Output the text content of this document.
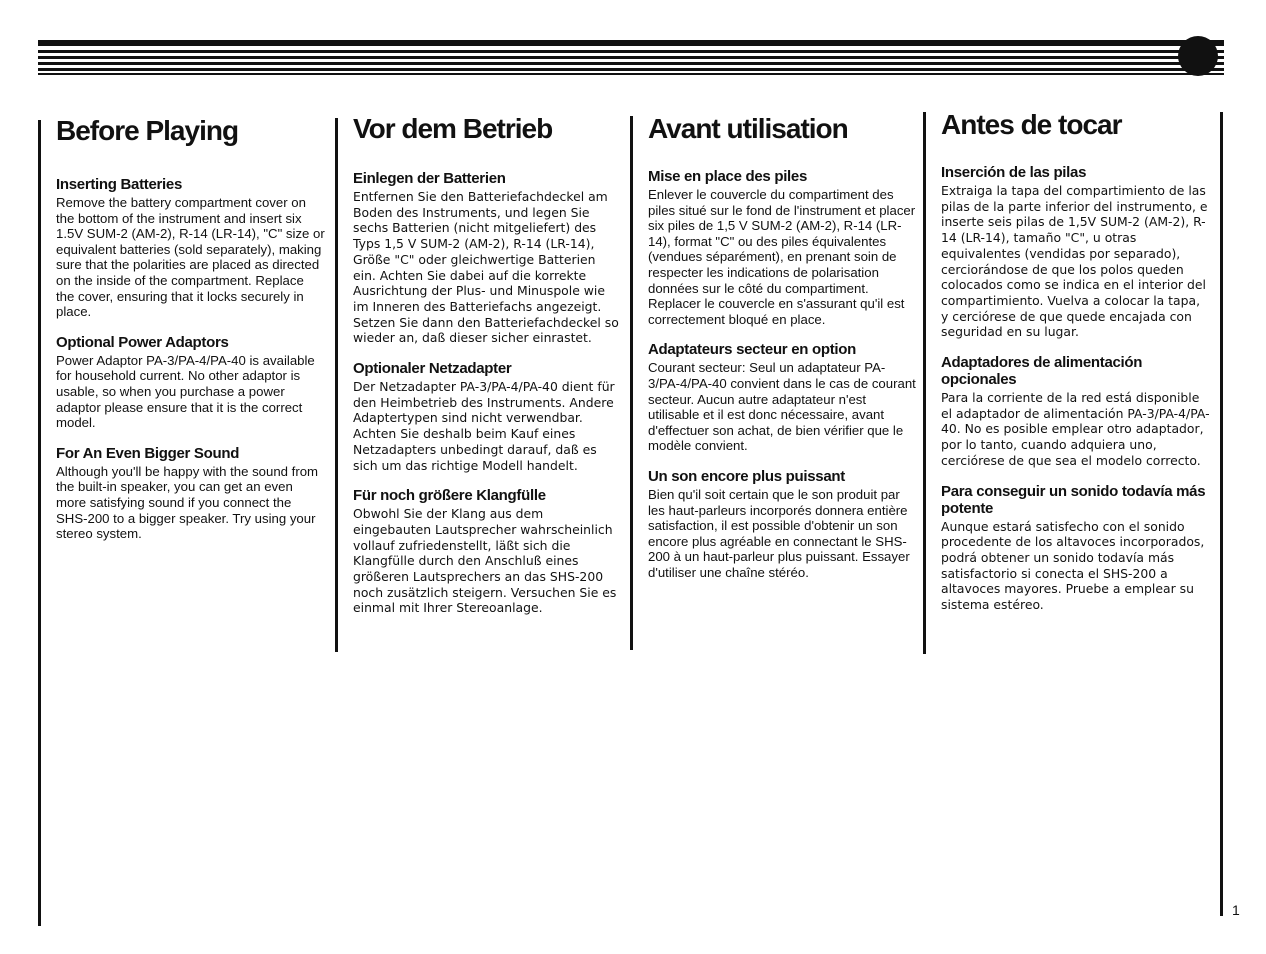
Before Playing
Inserting Batteries

Remove the battery compartment cover on the bottom of the instrument and insert six 1.5V SUM-2 (AM-2), R-14 (LR-14), "C" size or equivalent batteries (sold separately), making sure that the polarities are placed as directed on the inside of the compartment. Replace the cover, ensuring that it locks securely in place.

Optional Power Adaptors

Power Adaptor PA-3/PA-4/PA-40 is available for household current. No other adaptor is usable, so when you purchase a power adaptor please ensure that it is the correct model.

For An Even Bigger Sound

Although you'll be happy with the sound from the built-in speaker, you can get an even more satisfying sound if you connect the SHS-200 to a bigger speaker. Try using your stereo system.

Vor dem Betrieb
Einlegen der Batterien

Entfernen Sie den Batteriefachdeckel am Boden des Instruments, und legen Sie sechs Batterien (nicht mitgeliefert) des Typs 1,5 V SUM-2 (AM-2), R-14 (LR-14), Größe "C" oder gleichwertige Batterien ein. Achten Sie dabei auf die korrekte Ausrichtung der Plus- und Minuspole wie im Inneren des Batteriefachs angezeigt. Setzen Sie dann den Batteriefachdeckel so wieder an, daß dieser sicher einrastet.

Optionaler Netzadapter

Der Netzadapter PA-3/PA-4/PA-40 dient für den Heimbetrieb des Instruments. Andere Adaptertypen sind nicht verwendbar. Achten Sie deshalb beim Kauf eines Netzadapters unbedingt darauf, daß es sich um das richtige Modell handelt.

Für noch größere Klangfülle

Obwohl Sie der Klang aus dem eingebauten Lautsprecher wahrscheinlich vollauf zufriedenstellt, läßt sich die Klangfülle durch den Anschluß eines größeren Lautsprechers an das SHS-200 noch zusätzlich steigern. Versuchen Sie es einmal mit Ihrer Stereoanlage.

Avant utilisation
Mise en place des piles

Enlever le couvercle du compartiment des piles situé sur le fond de l'instrument et placer six piles de 1,5 V SUM-2 (AM-2), R-14 (LR-14), format "C" ou des piles équivalentes (vendues séparément), en prenant soin de respecter les indications de polarisation données sur le côté du compartiment. Replacer le couvercle en s'assurant qu'il est correctement bloqué en place.

Adaptateurs secteur en option

Courant secteur: Seul un adaptateur PA-3/PA-4/PA-40 convient dans le cas de courant secteur. Aucun autre adaptateur n'est utilisable et il est donc nécessaire, avant d'effectuer son achat, de bien vérifier que le modèle convient.

Un son encore plus puissant

Bien qu'il soit certain que le son produit par les haut-parleurs incorporés donnera entière satisfaction, il est possible d'obtenir un son encore plus agréable en connectant le SHS-200 à un haut-parleur plus puissant. Essayer d'utiliser une chaîne stéréo.

Antes de tocar
Inserción de las pilas

Extraiga la tapa del compartimiento de las pilas de la parte inferior del instrumento, e inserte seis pilas de 1,5V SUM-2 (AM-2), R-14 (LR-14), tamaño "C", u otras equivalentes (vendidas por separado), cerciorándose de que los polos queden colocados como se indica en el interior del compartimiento. Vuelva a colocar la tapa, y cerciórese de que quede encajada con seguridad en su lugar.

Adaptadores de alimentación opcionales

Para la corriente de la red está disponible el adaptador de alimentación PA-3/PA-4/PA-40. No es posible emplear otro adaptador, por lo tanto, cuando adquiera uno, cerciórese de que sea el modelo correcto.

Para conseguir un sonido todavía más potente

Aunque estará satisfecho con el sonido procedente de los altavoces incorporados, podrá obtener un sonido todavía más satisfactorio si conecta el SHS-200 a altavoces mayores. Pruebe a emplear su sistema estéreo.

1
